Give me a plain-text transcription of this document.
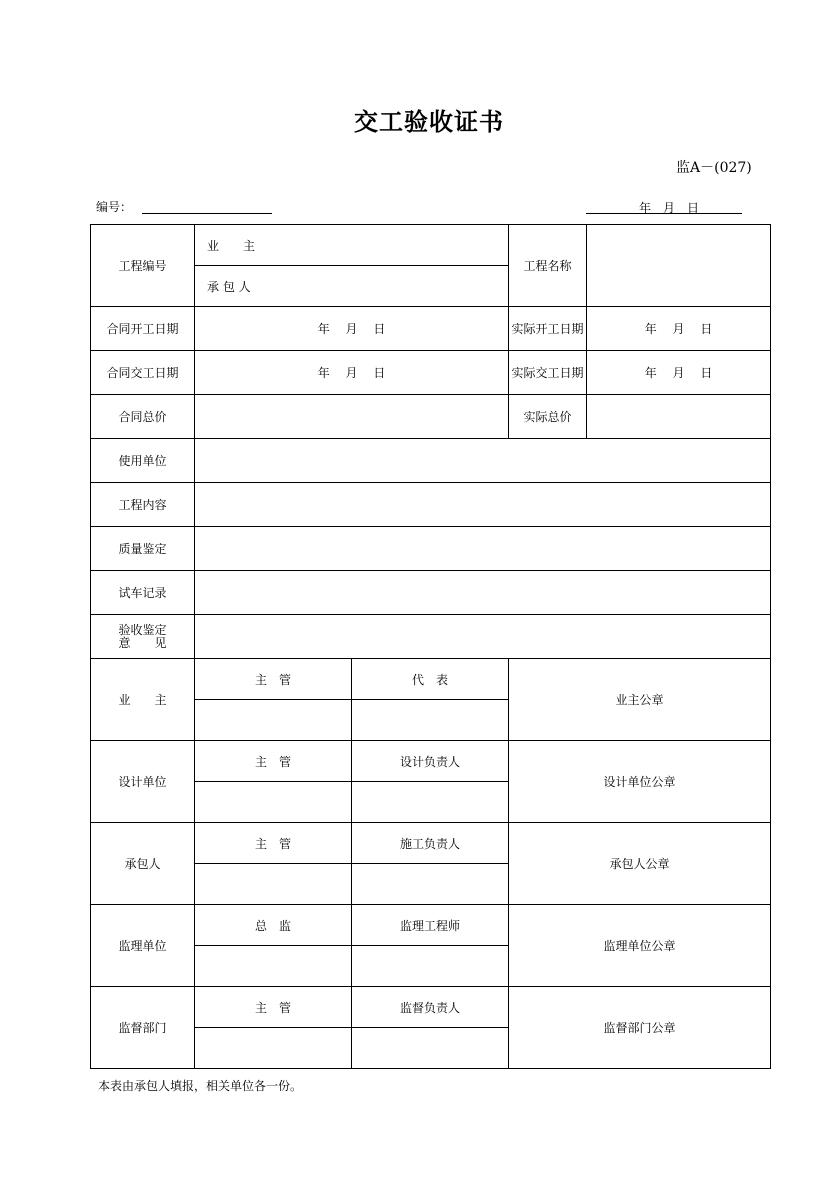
交工验收证书
监A－(027)
编号：	年　月　日
工程编号	业　　主		工程名称	
	承 包 人			
合同开工日期	年　 月　 日		实际开工日期	年　 月　 日
合同交工日期	年　 月　 日		实际交工日期	年　 月　 日
合同总价			实际总价	
使用单位				
工程内容				
质量鉴定				
试车记录				

验收鉴定
意　　见				

业　　主	主　管	代　表	业主公章	

设计单位	主　管	设计负责人	设计单位公章	

承包人	主　管	施工负责人	承包人公章	

监理单位	总　监	监理工程师	监理单位公章	

监督部门	主　管	监督负责人	监督部门公章	

本表由承包人填报，相关单位各一份。
